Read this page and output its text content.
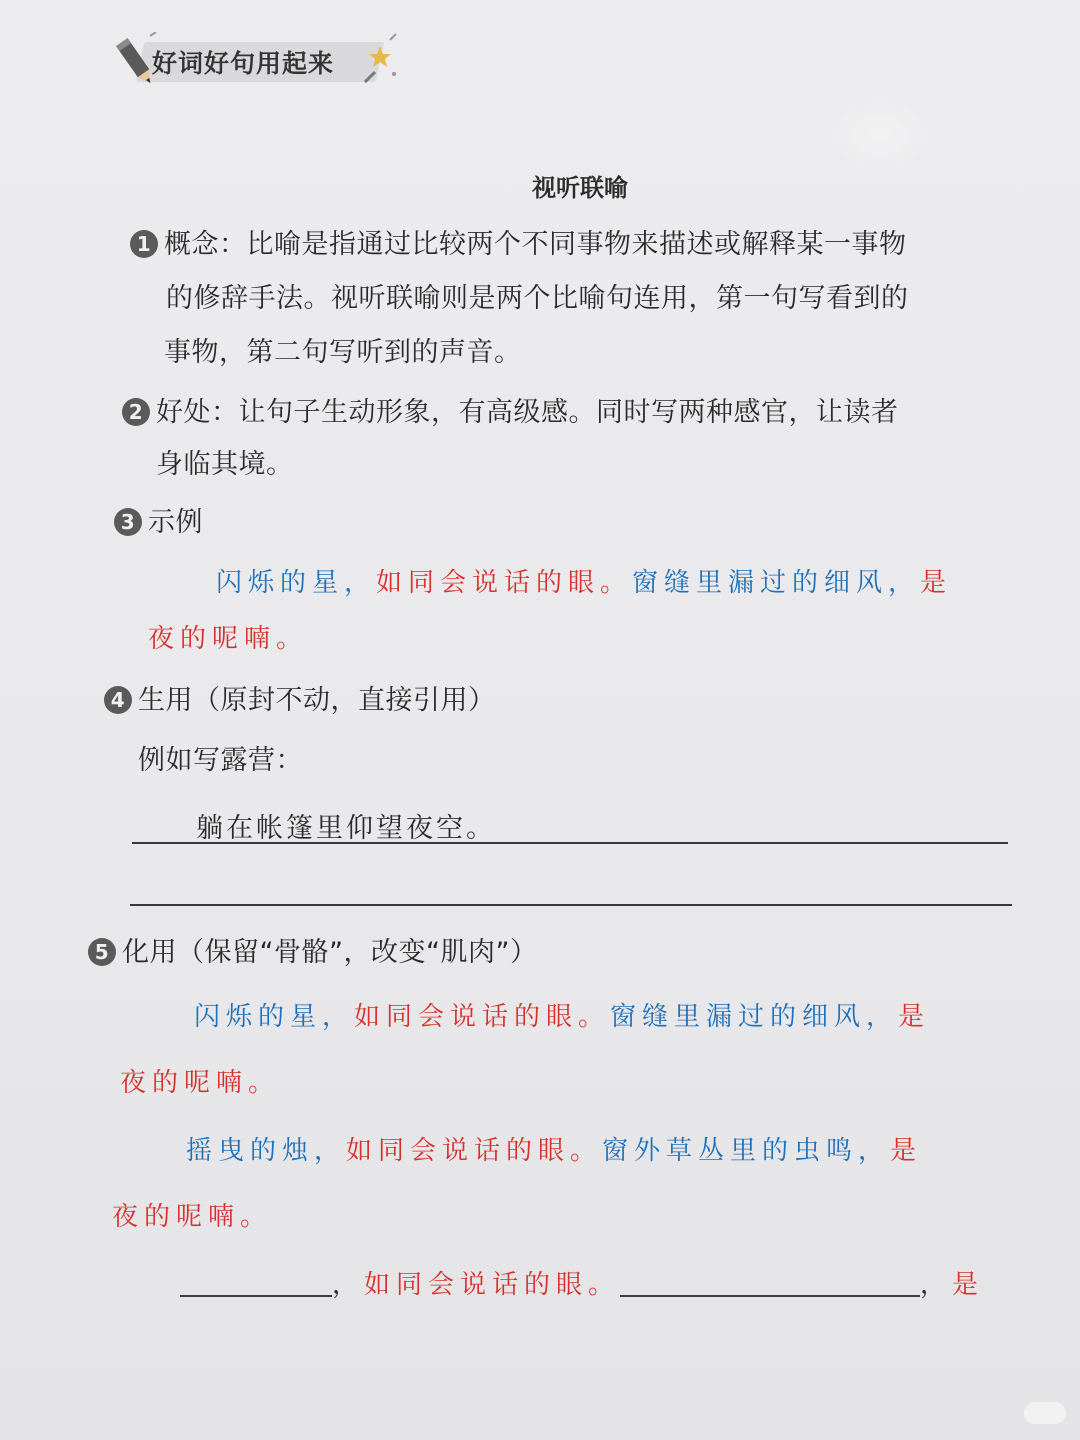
好词好句用起来
视听联喻
1 概念：比喻是指通过比较两个不同事物来描述或解释某一事物
的修辞手法。视听联喻则是两个比喻句连用，第一句写看到的
事物，第二句写听到的声音。
2 好处：让句子生动形象，有高级感。同时写两种感官，让读者
身临其境。
3 示例
闪烁的星，如同会说话的眼。窗缝里漏过的细风，是
夜的呢喃。
4 生用（原封不动，直接引用）
例如写露营：
躺在帐篷里仰望夜空。
5 化用（保留“骨骼”，改变“肌肉”）
闪烁的星，如同会说话的眼。窗缝里漏过的细风，是
夜的呢喃。
摇曳的烛，如同会说话的眼。窗外草丛里的虫鸣，是
夜的呢喃。
，如同会说话的眼。	，是
